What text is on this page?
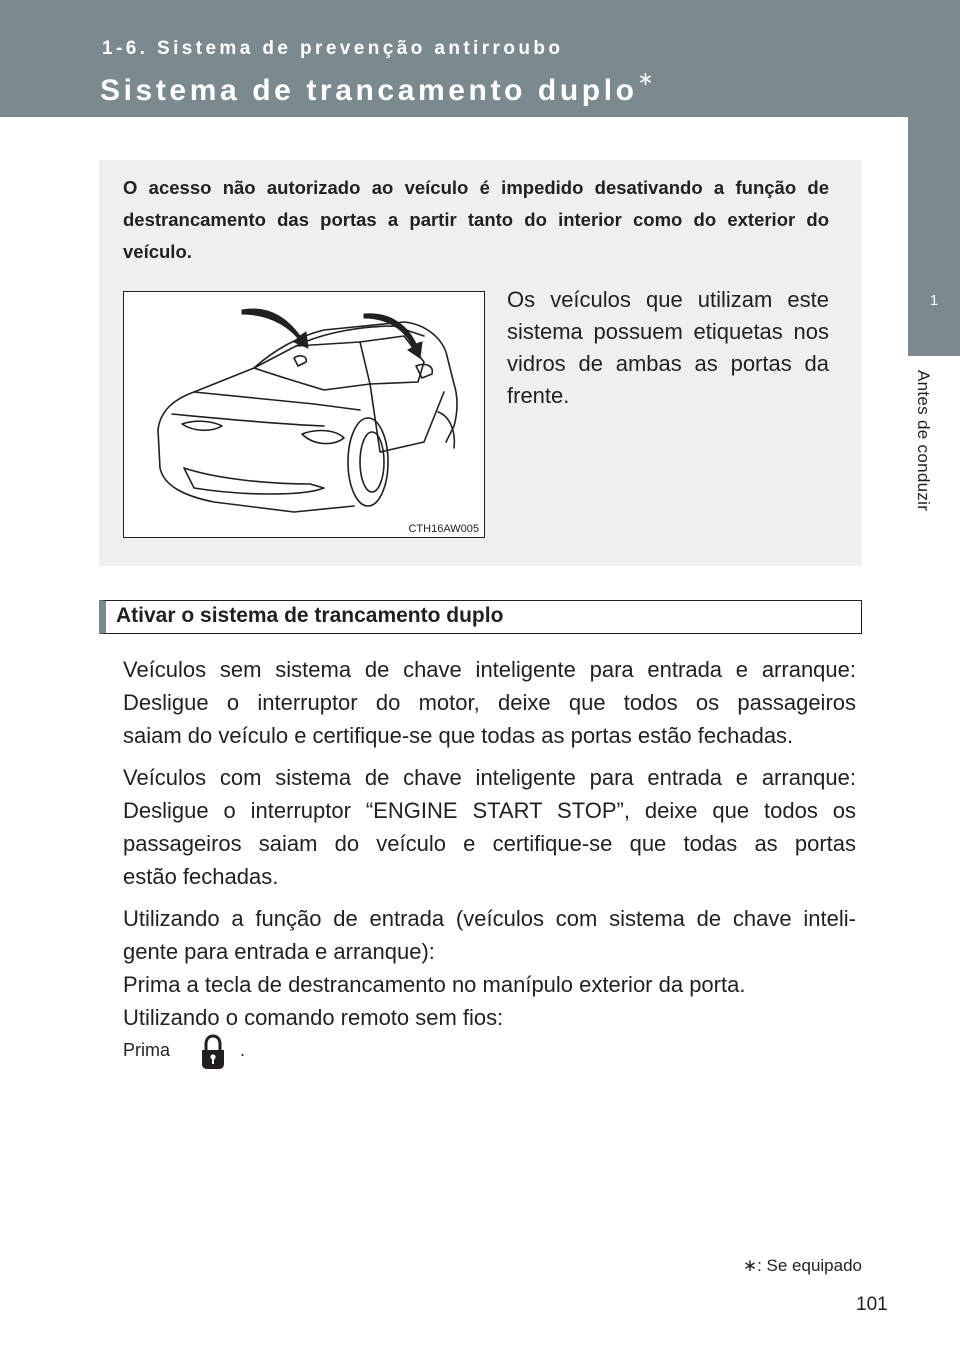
1-6. Sistema de prevenção antirroubo
Sistema de trancamento duplo∗
1
Antes de conduzir
O acesso não autorizado ao veículo é impedido desativando a função de destrancamento das portas a partir tanto do interior como do exterior do veículo.
CTH16AW005
Os veículos que utilizam este sistema possuem etiquetas nos vidros de ambas as portas da frente.
Ativar o sistema de trancamento duplo
Veículos sem sistema de chave inteligente para entrada e arranque:
Desligue o interruptor do motor, deixe que todos os passageiros
saiam do veículo e certifique-se que todas as portas estão fechadas.
Veículos com sistema de chave inteligente para entrada e arranque:
Desligue o interruptor “ENGINE START STOP”, deixe que todos os
passageiros saiam do veículo e certifique-se que todas as portas
estão fechadas.
Utilizando a função de entrada (veículos com sistema de chave inteli-
gente para entrada e arranque):
Prima a tecla de destrancamento no manípulo exterior da porta.
Utilizando o comando remoto sem fios:
Prima	.
∗: Se equipado
101
